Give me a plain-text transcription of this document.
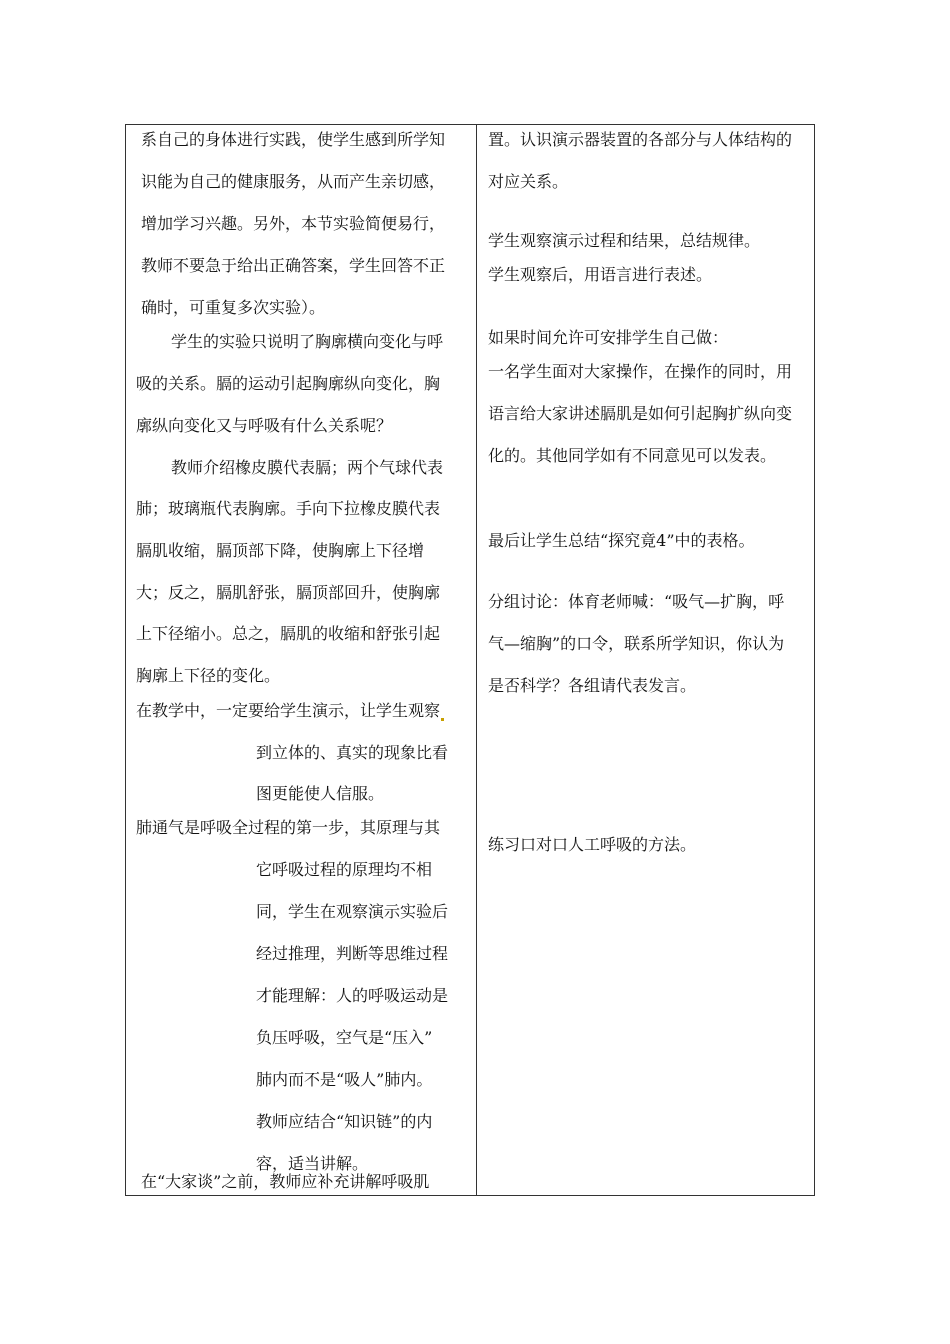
系自己的身体进行实践，使学生感到所学知
识能为自己的健康服务，从而产生亲切感，
增加学习兴趣。另外，本节实验简便易行，
教师不要急于给出正确答案，学生回答不正
确时，可重复多次实验）。
学生的实验只说明了胸廓横向变化与呼
吸的关系。膈的运动引起胸廓纵向变化，胸
廓纵向变化又与呼吸有什么关系呢？
教师介绍橡皮膜代表膈；两个气球代表
肺；玻璃瓶代表胸廓。手向下拉橡皮膜代表
膈肌收缩，膈顶部下降，使胸廓上下径增
大；反之，膈肌舒张，膈顶部回升，使胸廓
上下径缩小。总之，膈肌的收缩和舒张引起
胸廓上下径的变化。
在教学中，一定要给学生演示，让学生观察
到立体的、真实的现象比看
图更能使人信服。
肺通气是呼吸全过程的第一步，其原理与其
它呼吸过程的原理均不相
同，学生在观察演示实验后
经过推理，判断等思维过程
才能理解：人的呼吸运动是
负压呼吸，空气是“压入”
肺内而不是“吸人”肺内。
教师应结合“知识链”的内
容，适当讲解。
在“大家谈”之前，教师应补充讲解呼吸肌
置。认识演示器装置的各部分与人体结构的
对应关系。
学生观察演示过程和结果，总结规律。
学生观察后，用语言进行表述。
如果时间允许可安排学生自己做：
一名学生面对大家操作，在操作的同时，用
语言给大家讲述膈肌是如何引起胸扩纵向变
化的。其他同学如有不同意见可以发表。
最后让学生总结“探究竟4”中的表格。
分组讨论：体育老师喊：“吸气—扩胸，呼
气—缩胸”的口令，联系所学知识，你认为
是否科学？各组请代表发言。
练习口对口人工呼吸的方法。
